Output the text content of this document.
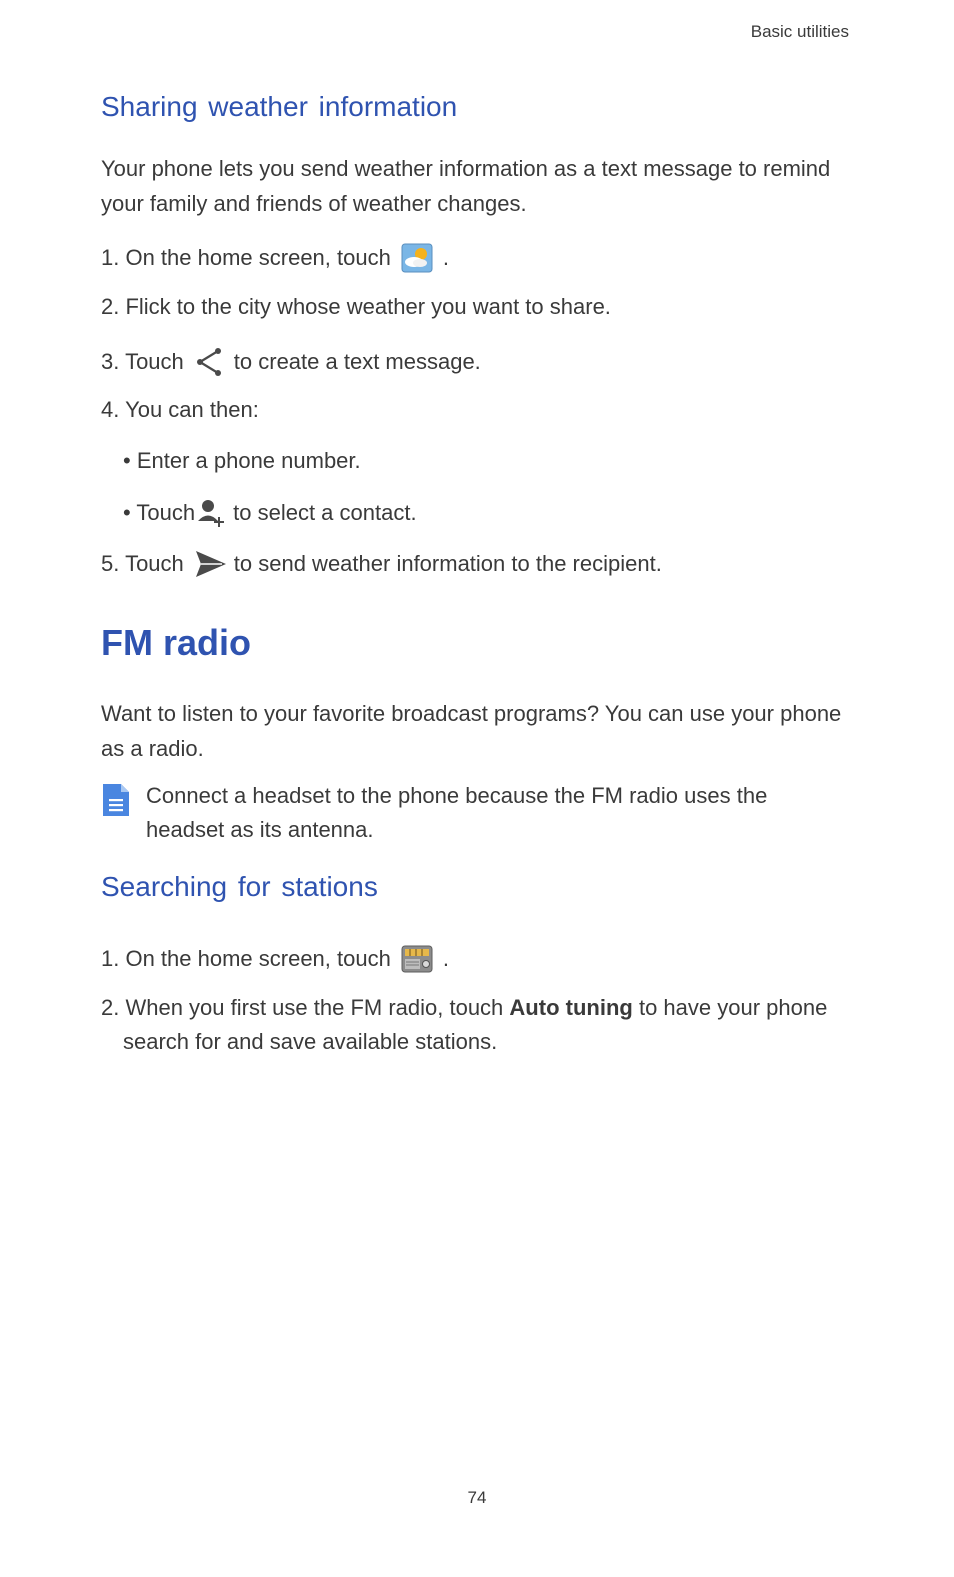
Basic utilities
Sharing weather information

Your phone lets you send weather information as a text message to remind your family and friends of weather changes.

1. On the home screen, touch .
2. Flick to the city whose weather you want to share.
3. Touch to create a text message.
4. You can then:
• Enter a phone number.
• Touch to select a contact.
5. Touch to send weather information to the recipient.
FM radio

Want to listen to your favorite broadcast programs? You can use your phone as a radio.

Connect a headset to the phone because the FM radio uses the headset as its antenna.
Searching for stations
1. On the home screen, touch .
2. When you first use the FM radio, touch Auto tuning to have your phone
search for and save available stations.
74
